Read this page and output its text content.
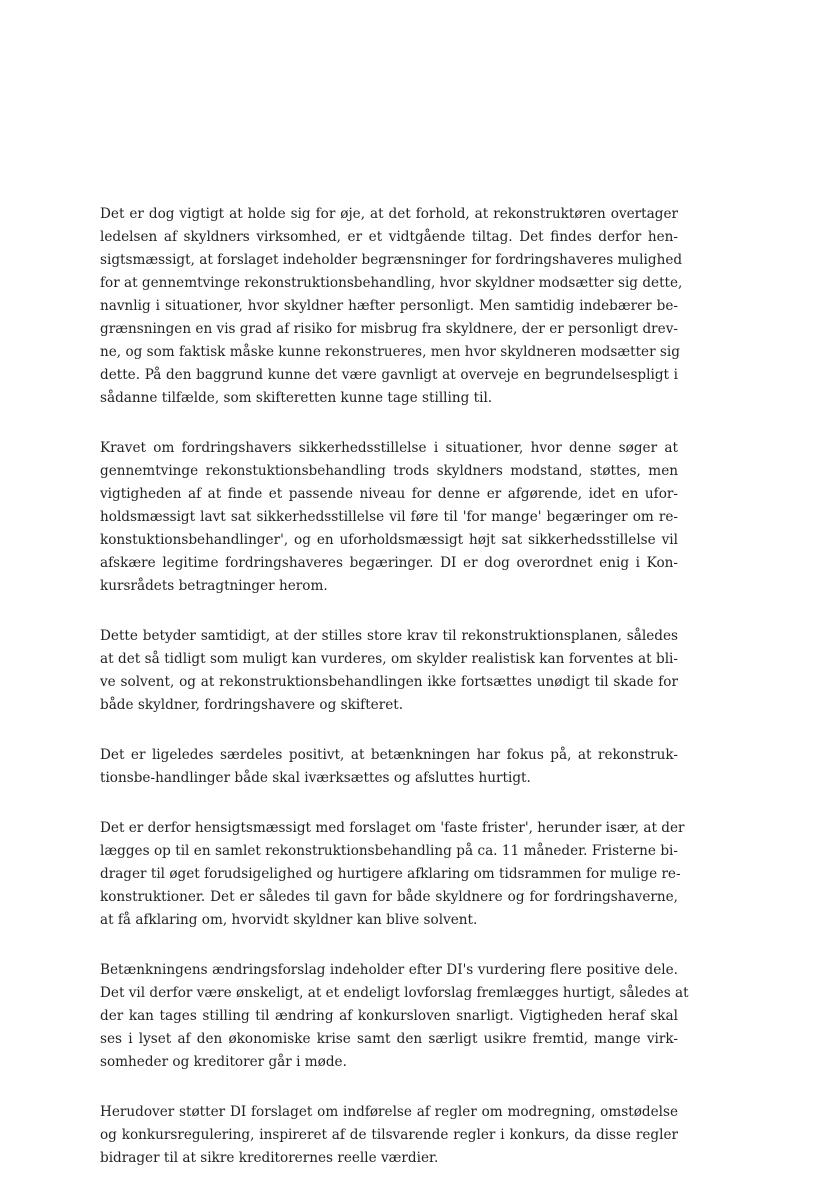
Det er dog vigtigt at holde sig for øje, at det forhold, at rekonstruktøren overtager
ledelsen af skyldners virksomhed, er et vidtgående tiltag. Det findes derfor hen-
sigtsmæssigt, at forslaget indeholder begrænsninger for fordringshaveres mulighed
for at gennemtvinge rekonstruktionsbehandling, hvor skyldner modsætter sig dette,
navnlig i situationer, hvor skyldner hæfter personligt. Men samtidig indebærer be-
grænsningen en vis grad af risiko for misbrug fra skyldnere, der er personligt drev-
ne, og som faktisk måske kunne rekonstrueres, men hvor skyldneren modsætter sig
dette. På den baggrund kunne det være gavnligt at overveje en begrundelsespligt i
sådanne tilfælde, som skifteretten kunne tage stilling til.

Kravet om fordringshavers sikkerhedsstillelse i situationer, hvor denne søger at
gennemtvinge rekonstuktionsbehandling trods skyldners modstand, støttes, men
vigtigheden af at finde et passende niveau for denne er afgørende, idet en ufor-
holdsmæssigt lavt sat sikkerhedsstillelse vil føre til 'for mange' begæringer om re-
konstuktionsbehandlinger', og en uforholdsmæssigt højt sat sikkerhedsstillelse vil
afskære legitime fordringshaveres begæringer. DI er dog overordnet enig i Kon-
kursrådets betragtninger herom.

Dette betyder samtidigt, at der stilles store krav til rekonstruktionsplanen, således
at det så tidligt som muligt kan vurderes, om skylder realistisk kan forventes at bli-
ve solvent, og at rekonstruktionsbehandlingen ikke fortsættes unødigt til skade for
både skyldner, fordringshavere og skifteret.

Det er ligeledes særdeles positivt, at betænkningen har fokus på, at rekonstruk-
tionsbe-handlinger både skal iværksættes og afsluttes hurtigt.

Det er derfor hensigtsmæssigt med forslaget om 'faste frister', herunder især, at der
lægges op til en samlet rekonstruktionsbehandling på ca. 11 måneder. Fristerne bi-
drager til øget forudsigelighed og hurtigere afklaring om tidsrammen for mulige re-
konstruktioner. Det er således til gavn for både skyldnere og for fordringshaverne,
at få afklaring om, hvorvidt skyldner kan blive solvent.

Betænkningens ændringsforslag indeholder efter DI's vurdering flere positive dele.
Det vil derfor være ønskeligt, at et endeligt lovforslag fremlægges hurtigt, således at
der kan tages stilling til ændring af konkursloven snarligt. Vigtigheden heraf skal
ses i lyset af den økonomiske krise samt den særligt usikre fremtid, mange virk-
somheder og kreditorer går i møde.

Herudover støtter DI forslaget om indførelse af regler om modregning, omstødelse
og konkursregulering, inspireret af de tilsvarende regler i konkurs, da disse regler
bidrager til at sikre kreditorernes reelle værdier.
